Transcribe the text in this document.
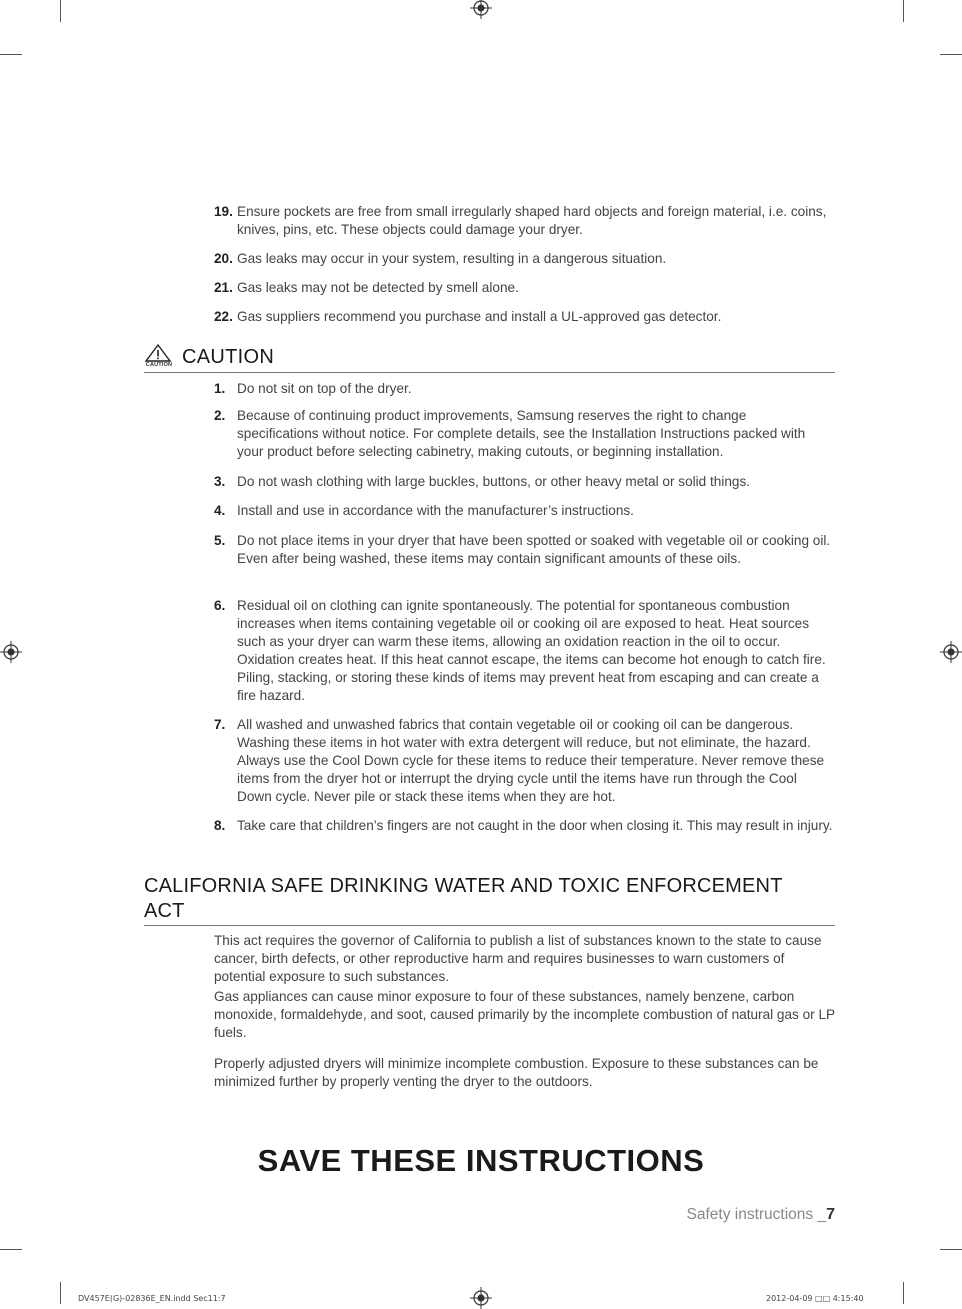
19. Ensure pockets are free from small irregularly shaped hard objects and foreign material, i.e. coins, knives, pins, etc. These objects could damage your dryer.
20. Gas leaks may occur in your system, resulting in a dangerous situation.
21. Gas leaks may not be detected by smell alone.
22. Gas suppliers recommend you purchase and install a UL-approved gas detector.
CAUTION CAUTION
1. Do not sit on top of the dryer.
2. Because of continuing product improvements, Samsung reserves the right to change specifications without notice. For complete details, see the Installation Instructions packed with your product before selecting cabinetry, making cutouts, or beginning installation.
3. Do not wash clothing with large buckles, buttons, or other heavy metal or solid things.
4. Install and use in accordance with the manufacturer’s instructions.
5. Do not place items in your dryer that have been spotted or soaked with vegetable oil or cooking oil. Even after being washed, these items may contain significant amounts of these oils.
6. Residual oil on clothing can ignite spontaneously. The potential for spontaneous combustion increases when items containing vegetable oil or cooking oil are exposed to heat. Heat sources such as your dryer can warm these items, allowing an oxidation reaction in the oil to occur. Oxidation creates heat. If this heat cannot escape, the items can become hot enough to catch fire. Piling, stacking, or storing these kinds of items may prevent heat from escaping and can create a fire hazard.
7. All washed and unwashed fabrics that contain vegetable oil or cooking oil can be dangerous. Washing these items in hot water with extra detergent will reduce, but not eliminate, the hazard. Always use the Cool Down cycle for these items to reduce their temperature. Never remove these items from the dryer hot or interrupt the drying cycle until the items have run through the Cool Down cycle. Never pile or stack these items when they are hot.
8. Take care that children’s fingers are not caught in the door when closing it. This may result in injury.
CALIFORNIA SAFE DRINKING WATER AND TOXIC ENFORCEMENT ACT

This act requires the governor of California to publish a list of substances known to the state to cause cancer, birth defects, or other reproductive harm and requires businesses to warn customers of potential exposure to such substances.

Gas appliances can cause minor exposure to four of these substances, namely benzene, carbon monoxide, formaldehyde, and soot, caused primarily by the incomplete combustion of natural gas or LP fuels.

Properly adjusted dryers will minimize incomplete combustion. Exposure to these substances can be minimized further by properly venting the dryer to the outdoors.

SAVE THESE INSTRUCTIONS
Safety instructions _7
DV457E(G)-02836E_EN.indd Sec11:7	2012-04-09 □□ 4:15:40
